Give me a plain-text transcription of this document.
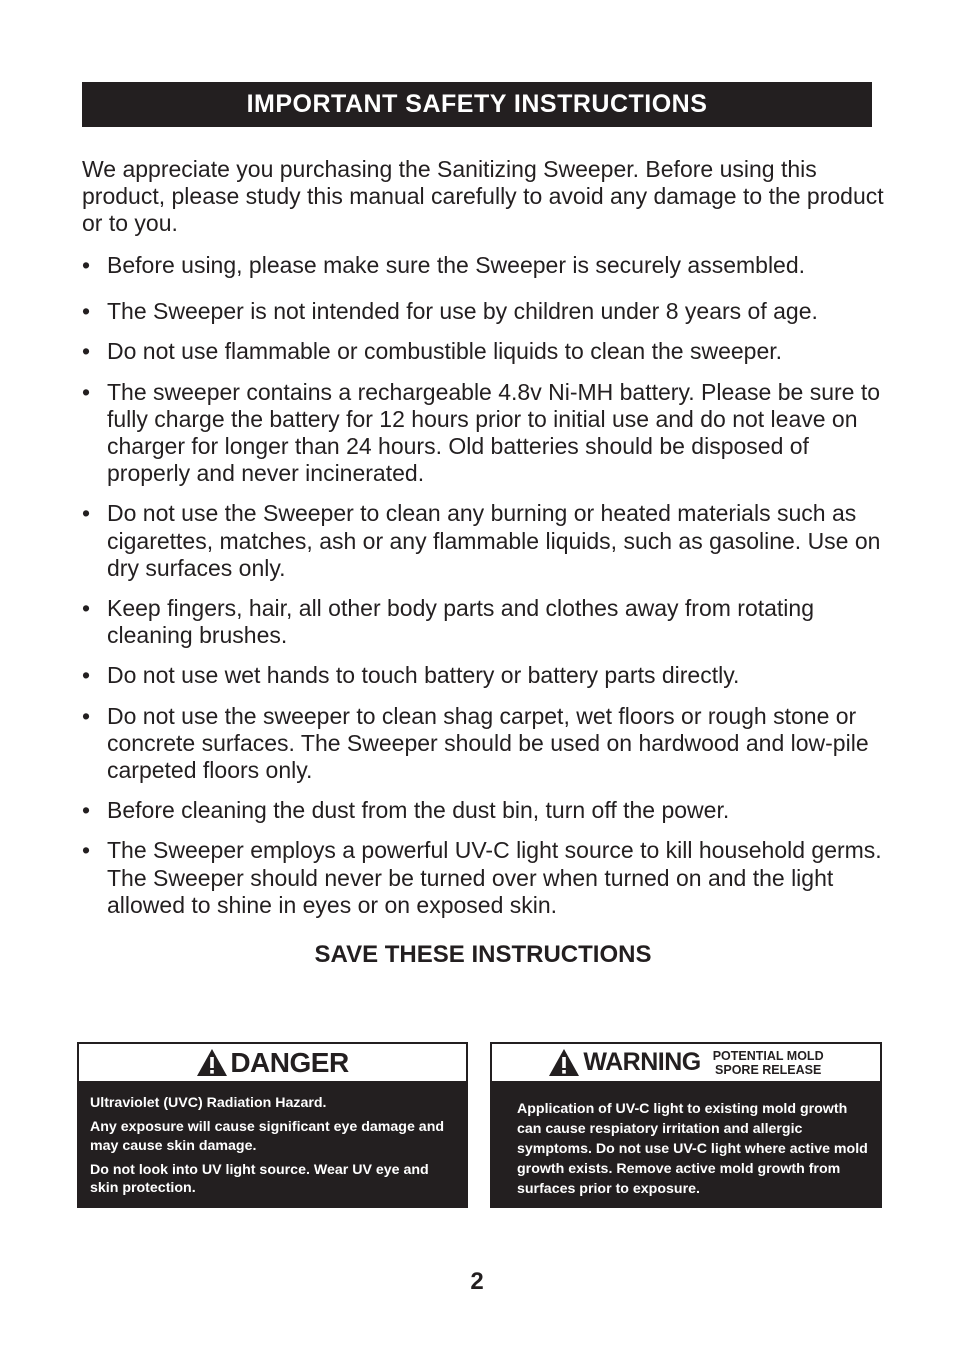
IMPORTANT SAFETY INSTRUCTIONS

We appreciate you purchasing the Sanitizing Sweeper. Before using this product, please study this manual carefully to avoid any damage to the product or to you.

• Before using, please make sure the Sweeper is securely assembled.
• The Sweeper is not intended for use by children under 8 years of age.
• Do not use flammable or combustible liquids to clean the sweeper.
• The sweeper contains a rechargeable 4.8v Ni-MH battery. Please be sure to fully charge the battery for 12 hours prior to initial use and do not leave on charger for longer than 24 hours. Old batteries should be disposed of properly and never incinerated.
• Do not use the Sweeper to clean any burning or heated materials such as cigarettes, matches, ash or any flammable liquids, such as gasoline. Use on dry surfaces only.
• Keep fingers, hair, all other body parts and clothes away from rotating cleaning brushes.
• Do not use wet hands to touch battery or battery parts directly.
• Do not use the sweeper to clean shag carpet, wet floors or rough stone or concrete surfaces. The Sweeper should be used on hardwood and low-pile carpeted floors only.
• Before cleaning the dust from the dust bin, turn off the power.
• The Sweeper employs a powerful UV-C light source to kill household germs. The Sweeper should never be turned over when turned on and the light allowed to shine in eyes or on exposed skin.
SAVE THESE INSTRUCTIONS
DANGER

Ultraviolet (UVC) Radiation Hazard.

Any exposure will cause significant eye damage and may cause skin damage.

Do not look into UV light source. Wear UV eye and skin protection.

WARNING POTENTIAL MOLD
SPORE RELEASE

Application of UV-C light to existing mold growth can cause respiatory irritation and allergic symptoms. Do not use UV-C light where active mold growth exists. Remove active mold growth from surfaces prior to exposure.

2
